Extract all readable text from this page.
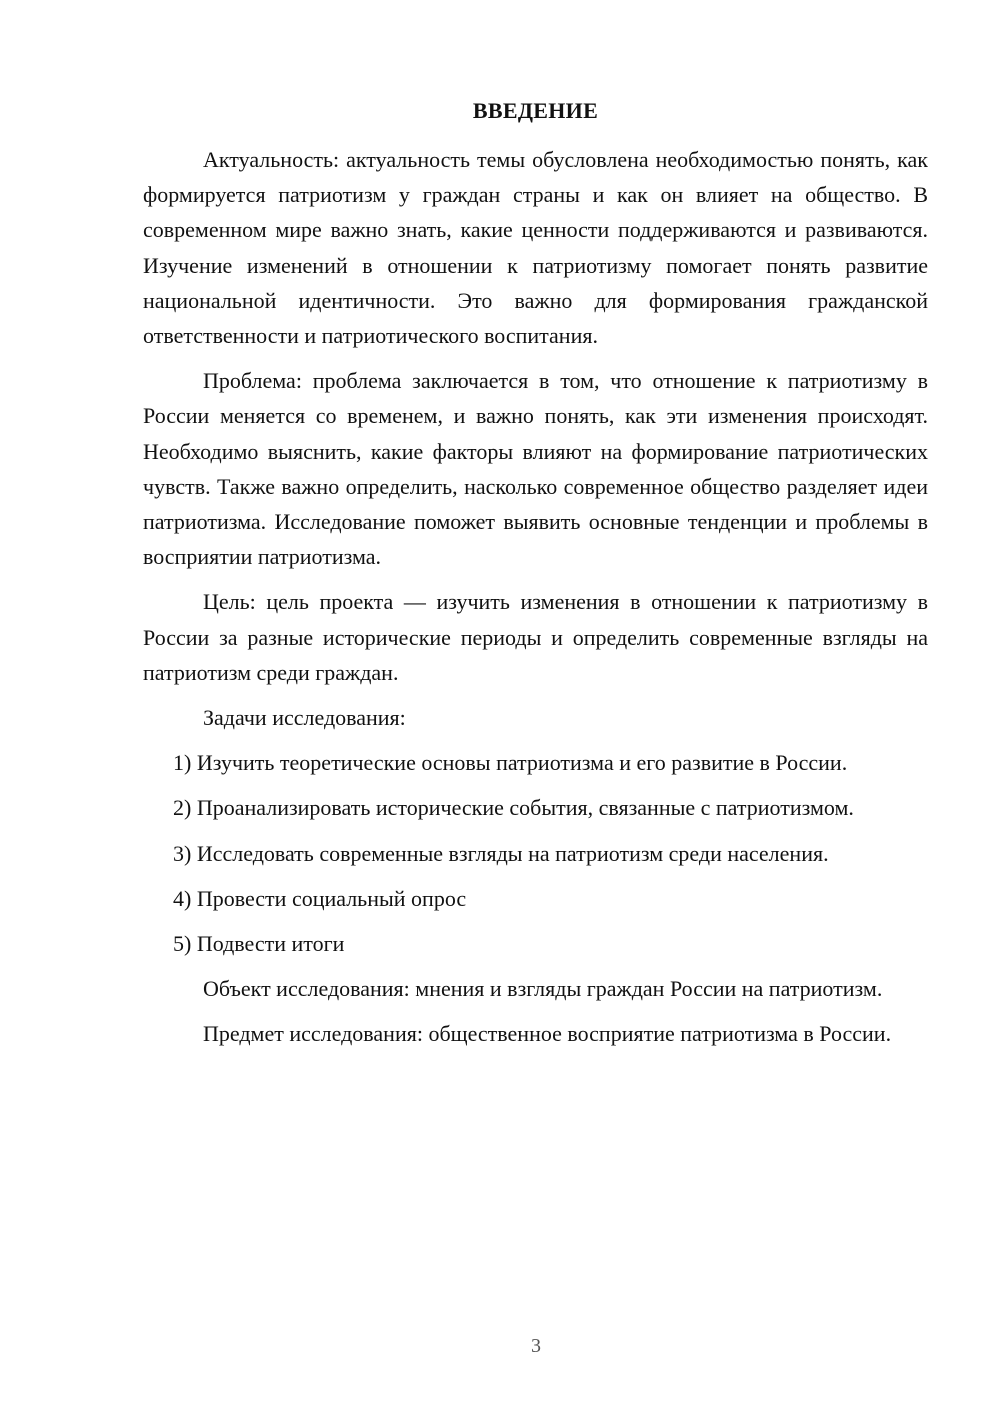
ВВЕДЕНИЕ

Актуальность: актуальность темы обусловлена необходимостью понять, как формируется патриотизм у граждан страны и как он влияет на общество. В современном мире важно знать, какие ценности поддерживаются и развиваются. Изучение изменений в отношении к патриотизму помогает понять развитие национальной идентичности. Это важно для формирования гражданской ответственности и патриотического воспитания.

Проблема: проблема заключается в том, что отношение к патриотизму в России меняется со временем, и важно понять, как эти изменения происходят. Необходимо выяснить, какие факторы влияют на формирование патриотических чувств. Также важно определить, насколько современное общество разделяет идеи патриотизма. Исследование поможет выявить основные тенденции и проблемы в восприятии патриотизма.

Цель: цель проекта — изучить изменения в отношении к патриотизму в России за разные исторические периоды и определить современные взгляды на патриотизм среди граждан.

Задачи исследования:

1) Изучить теоретические основы патриотизма и его развитие в России.

2) Проанализировать исторические события, связанные с патриотизмом.

3) Исследовать современные взгляды на патриотизм среди населения.

4) Провести социальный опрос

5) Подвести итоги

Объект исследования: мнения и взгляды граждан России на патриотизм.

Предмет исследования: общественное восприятие патриотизма в России.

3
